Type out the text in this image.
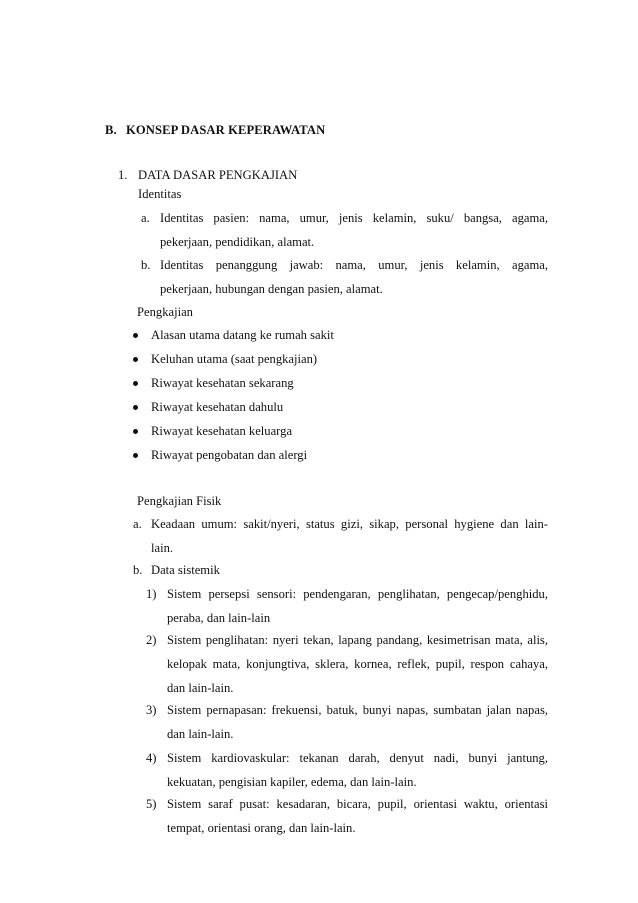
B. KONSEP DASAR KEPERAWATAN
1. DATA DASAR PENGKAJIAN
Identitas
a. Identitas pasien: nama, umur, jenis kelamin, suku/ bangsa, agama,
pekerjaan, pendidikan, alamat.
b. Identitas penanggung jawab: nama, umur, jenis kelamin, agama,
pekerjaan, hubungan dengan pasien, alamat.
Pengkajian
Alasan utama datang ke rumah sakit
Keluhan utama (saat pengkajian)
Riwayat kesehatan sekarang
Riwayat kesehatan dahulu
Riwayat kesehatan keluarga
Riwayat pengobatan dan alergi
Pengkajian Fisik
a. Keadaan umum: sakit/nyeri, status gizi, sikap, personal hygiene dan lain-
lain.
b. Data sistemik
1) Sistem persepsi sensori: pendengaran, penglihatan, pengecap/penghidu,
peraba, dan lain-lain
2) Sistem penglihatan: nyeri tekan, lapang pandang, kesimetrisan mata, alis,
kelopak mata, konjungtiva, sklera, kornea, reflek, pupil, respon cahaya,
dan lain-lain.
3) Sistem pernapasan: frekuensi, batuk, bunyi napas, sumbatan jalan napas,
dan lain-lain.
4) Sistem kardiovaskular: tekanan darah, denyut nadi, bunyi jantung,
kekuatan, pengisian kapiler, edema, dan lain-lain.
5) Sistem saraf pusat: kesadaran, bicara, pupil, orientasi waktu, orientasi
tempat, orientasi orang, dan lain-lain.
